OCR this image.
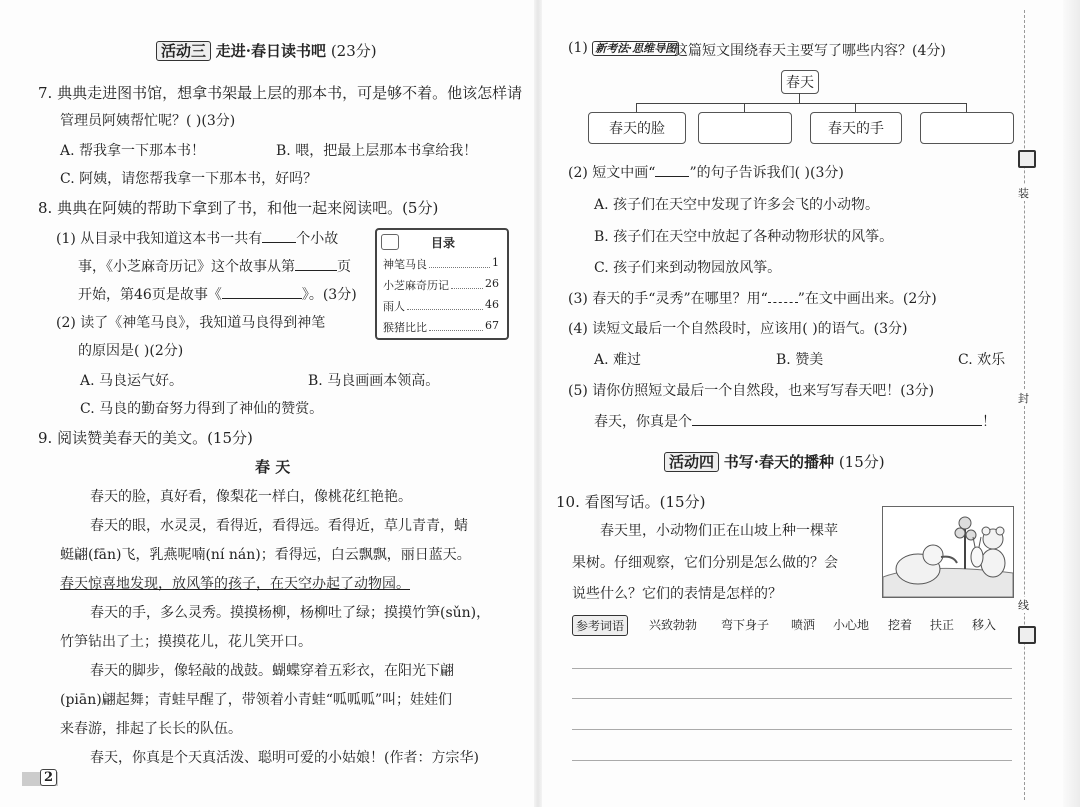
活动三 走进·春日读书吧 (23分)
7. 典典走进图书馆，想拿书架最上层的那本书，可是够不着。他该怎样请
管理员阿姨帮忙呢？( )(3分)
A. 帮我拿一下那本书！	B. 喂，把最上层那本书拿给我！
C. 阿姨，请您帮我拿一下那本书，好吗？
8. 典典在阿姨的帮助下拿到了书，和他一起来阅读吧。(5分)
(1) 从目录中我知道这本书一共有 个小故
事，《小芝麻奇历记》这个故事从第	页
开始，第46页是故事《	》。(3分)
(2) 读了《神笔马良》，我知道马良得到神笔
的原因是( )(2分)
A. 马良运气好。	B. 马良画画本领高。
C. 马良的勤奋努力得到了神仙的赞赏。
目录
神笔马良	1
小芝麻奇历记	26
雨人	46
猴猪比比	67
9. 阅读赞美春天的美文。(15分)
春 天
春天的脸，真好看，像梨花一样白，像桃花红艳艳。
春天的眼，水灵灵，看得近，看得远。看得近，草儿青青，蜻
蜓翩(fān)飞，乳燕呢喃(ní nán)；看得远，白云飘飘，丽日蓝天。
春天惊喜地发现，放风筝的孩子，在天空办起了动物园。
春天的手，多么灵秀。摸摸杨柳，杨柳吐了绿；摸摸竹笋(sǔn)，
竹笋钻出了土；摸摸花儿，花儿笑开口。
春天的脚步，像轻敲的战鼓。蝴蝶穿着五彩衣，在阳光下翩
(piān)翩起舞；青蛙早醒了，带领着小青蛙“呱呱呱”叫；娃娃们
来春游，排起了长长的队伍。
春天，你真是个天真活泼、聪明可爱的小姑娘！(作者：方宗华)
2
(1) 新考法·思维导图
这篇短文围绕春天主要写了哪些内容？(4分)
春天
春天的脸	春天的手
(2) 短文中画“ ”的句子告诉我们( )(3分)
A. 孩子们在天空中发现了许多会飞的小动物。
B. 孩子们在天空中放起了各种动物形状的风筝。
C. 孩子们来到动物园放风筝。
(3) 春天的手“灵秀”在哪里？用“ ”在文中画出来。(2分)
(4) 读短文最后一个自然段时，应该用( )的语气。(3分)
A. 难过	B. 赞美	C. 欢乐
(5) 请你仿照短文最后一个自然段，也来写写春天吧！(3分)
春天，你真是个	！
活动四 书写·春天的播种 (15分)
10. 看图写话。(15分)
春天里，小动物们正在山坡上种一棵苹
果树。仔细观察，它们分别是怎么做的？会
说些什么？它们的表情是怎样的？
参考词语	兴致勃勃 弯下身子 喷洒 小心地 挖着 扶正 移入
装
封
线
